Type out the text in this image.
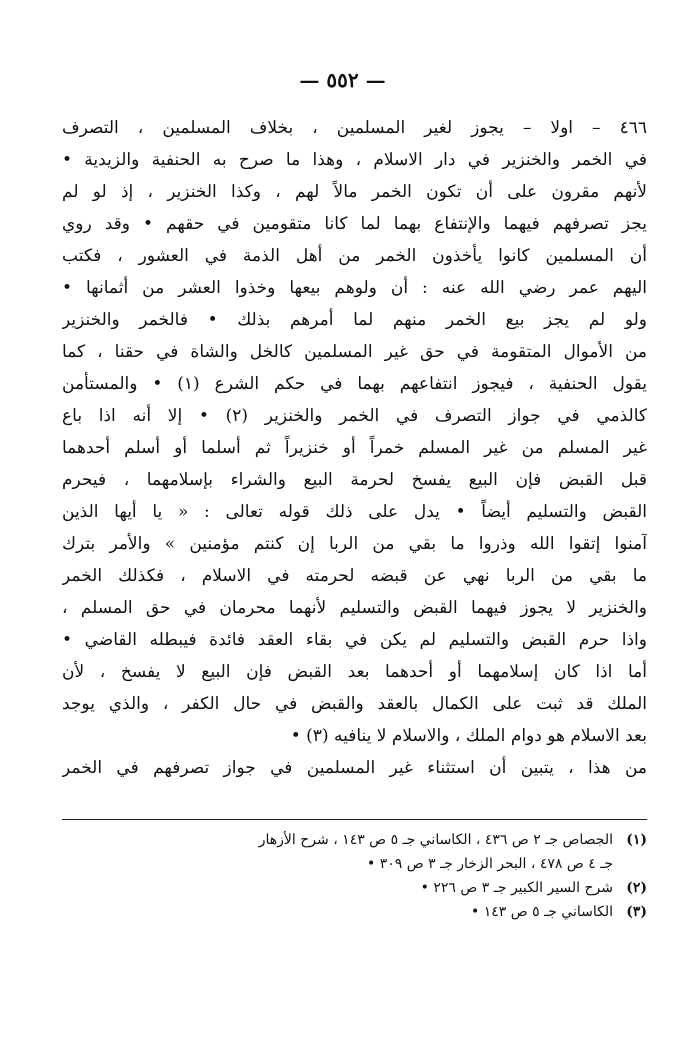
— ٥٥٢ —
٤٦٦ – اولا – يجوز لغير المسلمين ، بخلاف المسلمين ، التصرف
في الخمر والخنزير في دار الاسلام ، وهذا ما صرح به الحنفية والزيدية •
لأنهم مقرون على أن تكون الخمر مالاً لهم ، وكذا الخنزير ، إذ لو لم
يجز تصرفهم فيهما والإنتفاع بهما لما كانا متقومين في حقهم • وقد روي
أن المسلمين كانوا يأخذون الخمر من أهل الذمة في العشور ، فكتب
اليهم عمر رضي الله عنه : أن ولوهم بيعها وخذوا العشر من أثمانها •
ولو لم يجز بيع الخمر منهم لما أمرهم بذلك • فالخمر والخنزير
من الأموال المتقومة في حق غير المسلمين كالخل والشاة في حقنا ، كما
يقول الحنفية ، فيجوز انتفاعهم بهما في حكم الشرع (١) • والمستأمن
كالذمي في جواز التصرف في الخمر والخنزير (٢) • إلا أنه اذا باع
غير المسلم من غير المسلم خمراً أو خنزيراً ثم أسلما أو أسلم أحدهما
قبل القبض فإن البيع يفسخ لحرمة البيع والشراء بإسلامهما ، فيحرم
القبض والتسليم أيضاً • يدل على ذلك قوله تعالى : « يا أيها الذين
آمنوا إتقوا الله وذروا ما بقي من الربا إن كنتم مؤمنين » والأمر بترك
ما بقي من الربا نهي عن قبضه لحرمته في الاسلام ، فكذلك الخمر
والخنزير لا يجوز فيهما القبض والتسليم لأنهما محرمان في حق المسلم ،
واذا حرم القبض والتسليم لم يكن في بقاء العقد فائدة فيبطله القاضي •
أما اذا كان إسلامهما أو أحدهما بعد القبض فإن البيع لا يفسخ ، لأن
الملك قد ثبت على الكمال بالعقد والقبض في حال الكفر ، والذي يوجد
بعد الاسلام هو دوام الملك ، والاسلام لا ينافيه (٣) •
من هذا ، يتبين أن استثناء غير المسلمين في جواز تصرفهم في الخمر
(١)الجصاص جـ ٢ ص ٤٣٦ ، الكاساني جـ ٥ ص ١٤٣ ، شرح الأزهار
جـ ٤ ص ٤٧٨ ، البحر الزخار جـ ٣ ص ٣٠٩ •
(٢)شرح السير الكبير جـ ٣ ص ٢٢٦ •
(٣)الكاساني جـ ٥ ص ١٤٣ •
